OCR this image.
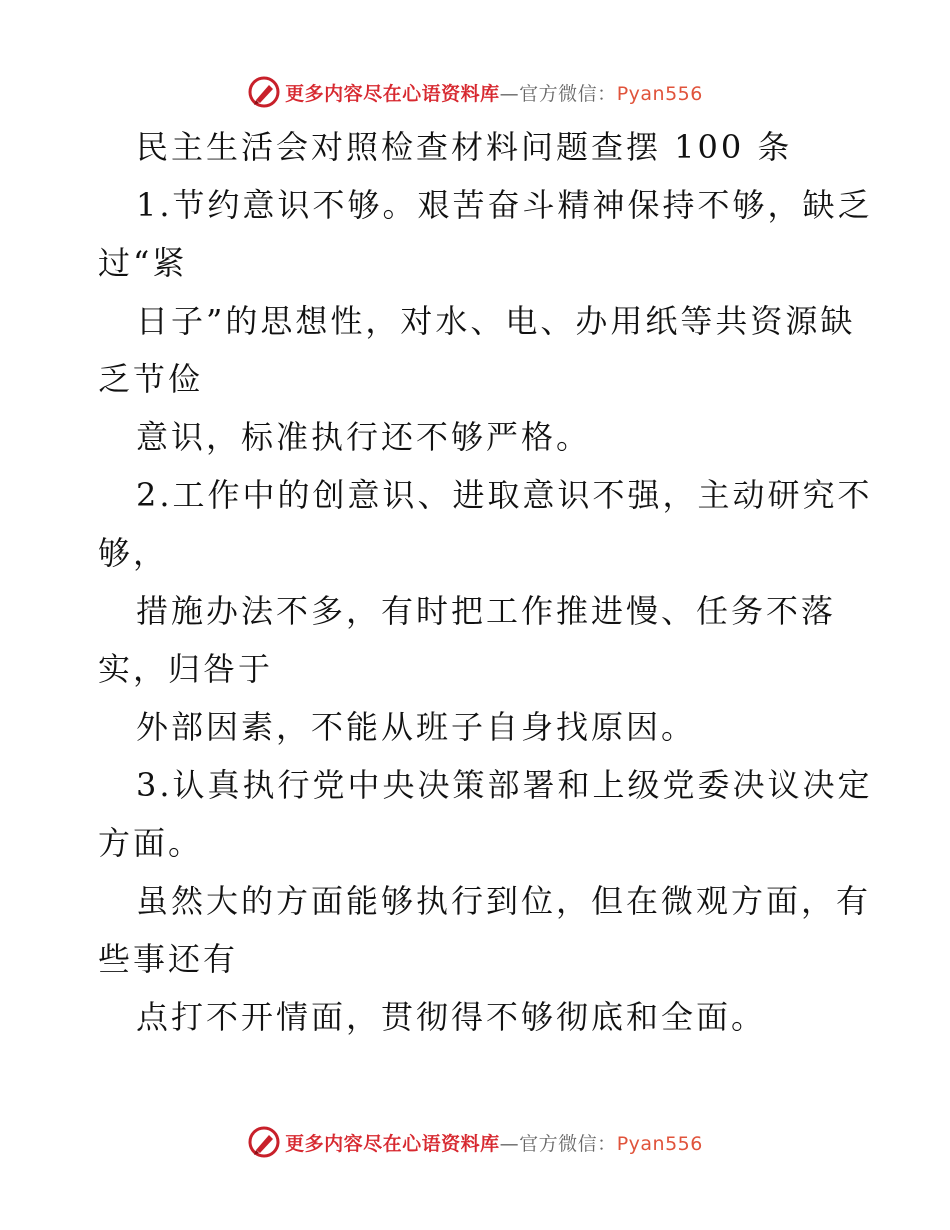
更多内容尽在心语资料库—官方微信：Pyan556
民主生活会对照检查材料问题查摆 100 条
1.节约意识不够。艰苦奋斗精神保持不够，缺乏
过“紧
日子”的思想性，对水、电、办用纸等共资源缺
乏节俭
意识，标准执行还不够严格。
2.工作中的创意识、进取意识不强，主动研究不
够，
措施办法不多，有时把工作推进慢、任务不落
实，归咎于
外部因素，不能从班子自身找原因。
3.认真执行党中央决策部署和上级党委决议决定
方面。
虽然大的方面能够执行到位，但在微观方面，有
些事还有
点打不开情面，贯彻得不够彻底和全面。
更多内容尽在心语资料库—官方微信：Pyan556
